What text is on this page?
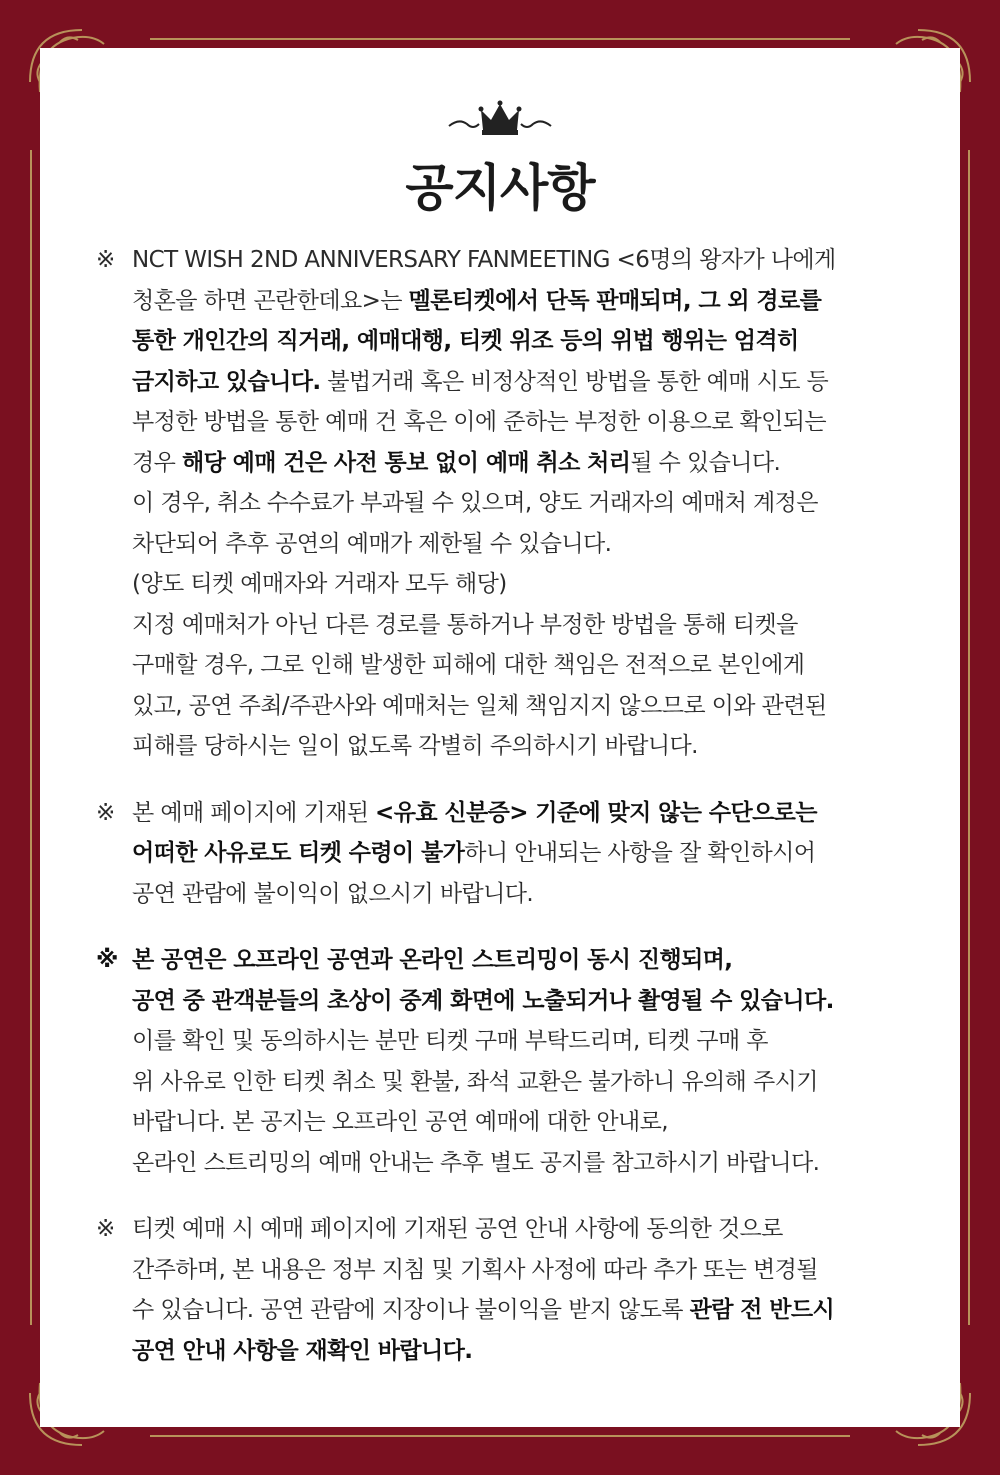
공지사항
※ NCT WISH 2ND ANNIVERSARY FANMEETING <6명의 왕자가 나에게
청혼을 하면 곤란한데요>는 멜론티켓에서 단독 판매되며, 그 외 경로를
통한 개인간의 직거래, 예매대행, 티켓 위조 등의 위법 행위는 엄격히
금지하고 있습니다. 불법거래 혹은 비정상적인 방법을 통한 예매 시도 등
부정한 방법을 통한 예매 건 혹은 이에 준하는 부정한 이용으로 확인되는
경우 해당 예매 건은 사전 통보 없이 예매 취소 처리될 수 있습니다.
이 경우, 취소 수수료가 부과될 수 있으며, 양도 거래자의 예매처 계정은
차단되어 추후 공연의 예매가 제한될 수 있습니다.
(양도 티켓 예매자와 거래자 모두 해당)
지정 예매처가 아닌 다른 경로를 통하거나 부정한 방법을 통해 티켓을
구매할 경우, 그로 인해 발생한 피해에 대한 책임은 전적으로 본인에게
있고, 공연 주최/주관사와 예매처는 일체 책임지지 않으므로 이와 관련된
피해를 당하시는 일이 없도록 각별히 주의하시기 바랍니다.
※ 본 예매 페이지에 기재된 <유효 신분증> 기준에 맞지 않는 수단으로는
어떠한 사유로도 티켓 수령이 불가하니 안내되는 사항을 잘 확인하시어
공연 관람에 불이익이 없으시기 바랍니다.
※ 본 공연은 오프라인 공연과 온라인 스트리밍이 동시 진행되며,
공연 중 관객분들의 초상이 중계 화면에 노출되거나 촬영될 수 있습니다.
이를 확인 및 동의하시는 분만 티켓 구매 부탁드리며, 티켓 구매 후
위 사유로 인한 티켓 취소 및 환불, 좌석 교환은 불가하니 유의해 주시기
바랍니다. 본 공지는 오프라인 공연 예매에 대한 안내로,
온라인 스트리밍의 예매 안내는 추후 별도 공지를 참고하시기 바랍니다.
※ 티켓 예매 시 예매 페이지에 기재된 공연 안내 사항에 동의한 것으로
간주하며, 본 내용은 정부 지침 및 기획사 사정에 따라 추가 또는 변경될
수 있습니다. 공연 관람에 지장이나 불이익을 받지 않도록 관람 전 반드시
공연 안내 사항을 재확인 바랍니다.
